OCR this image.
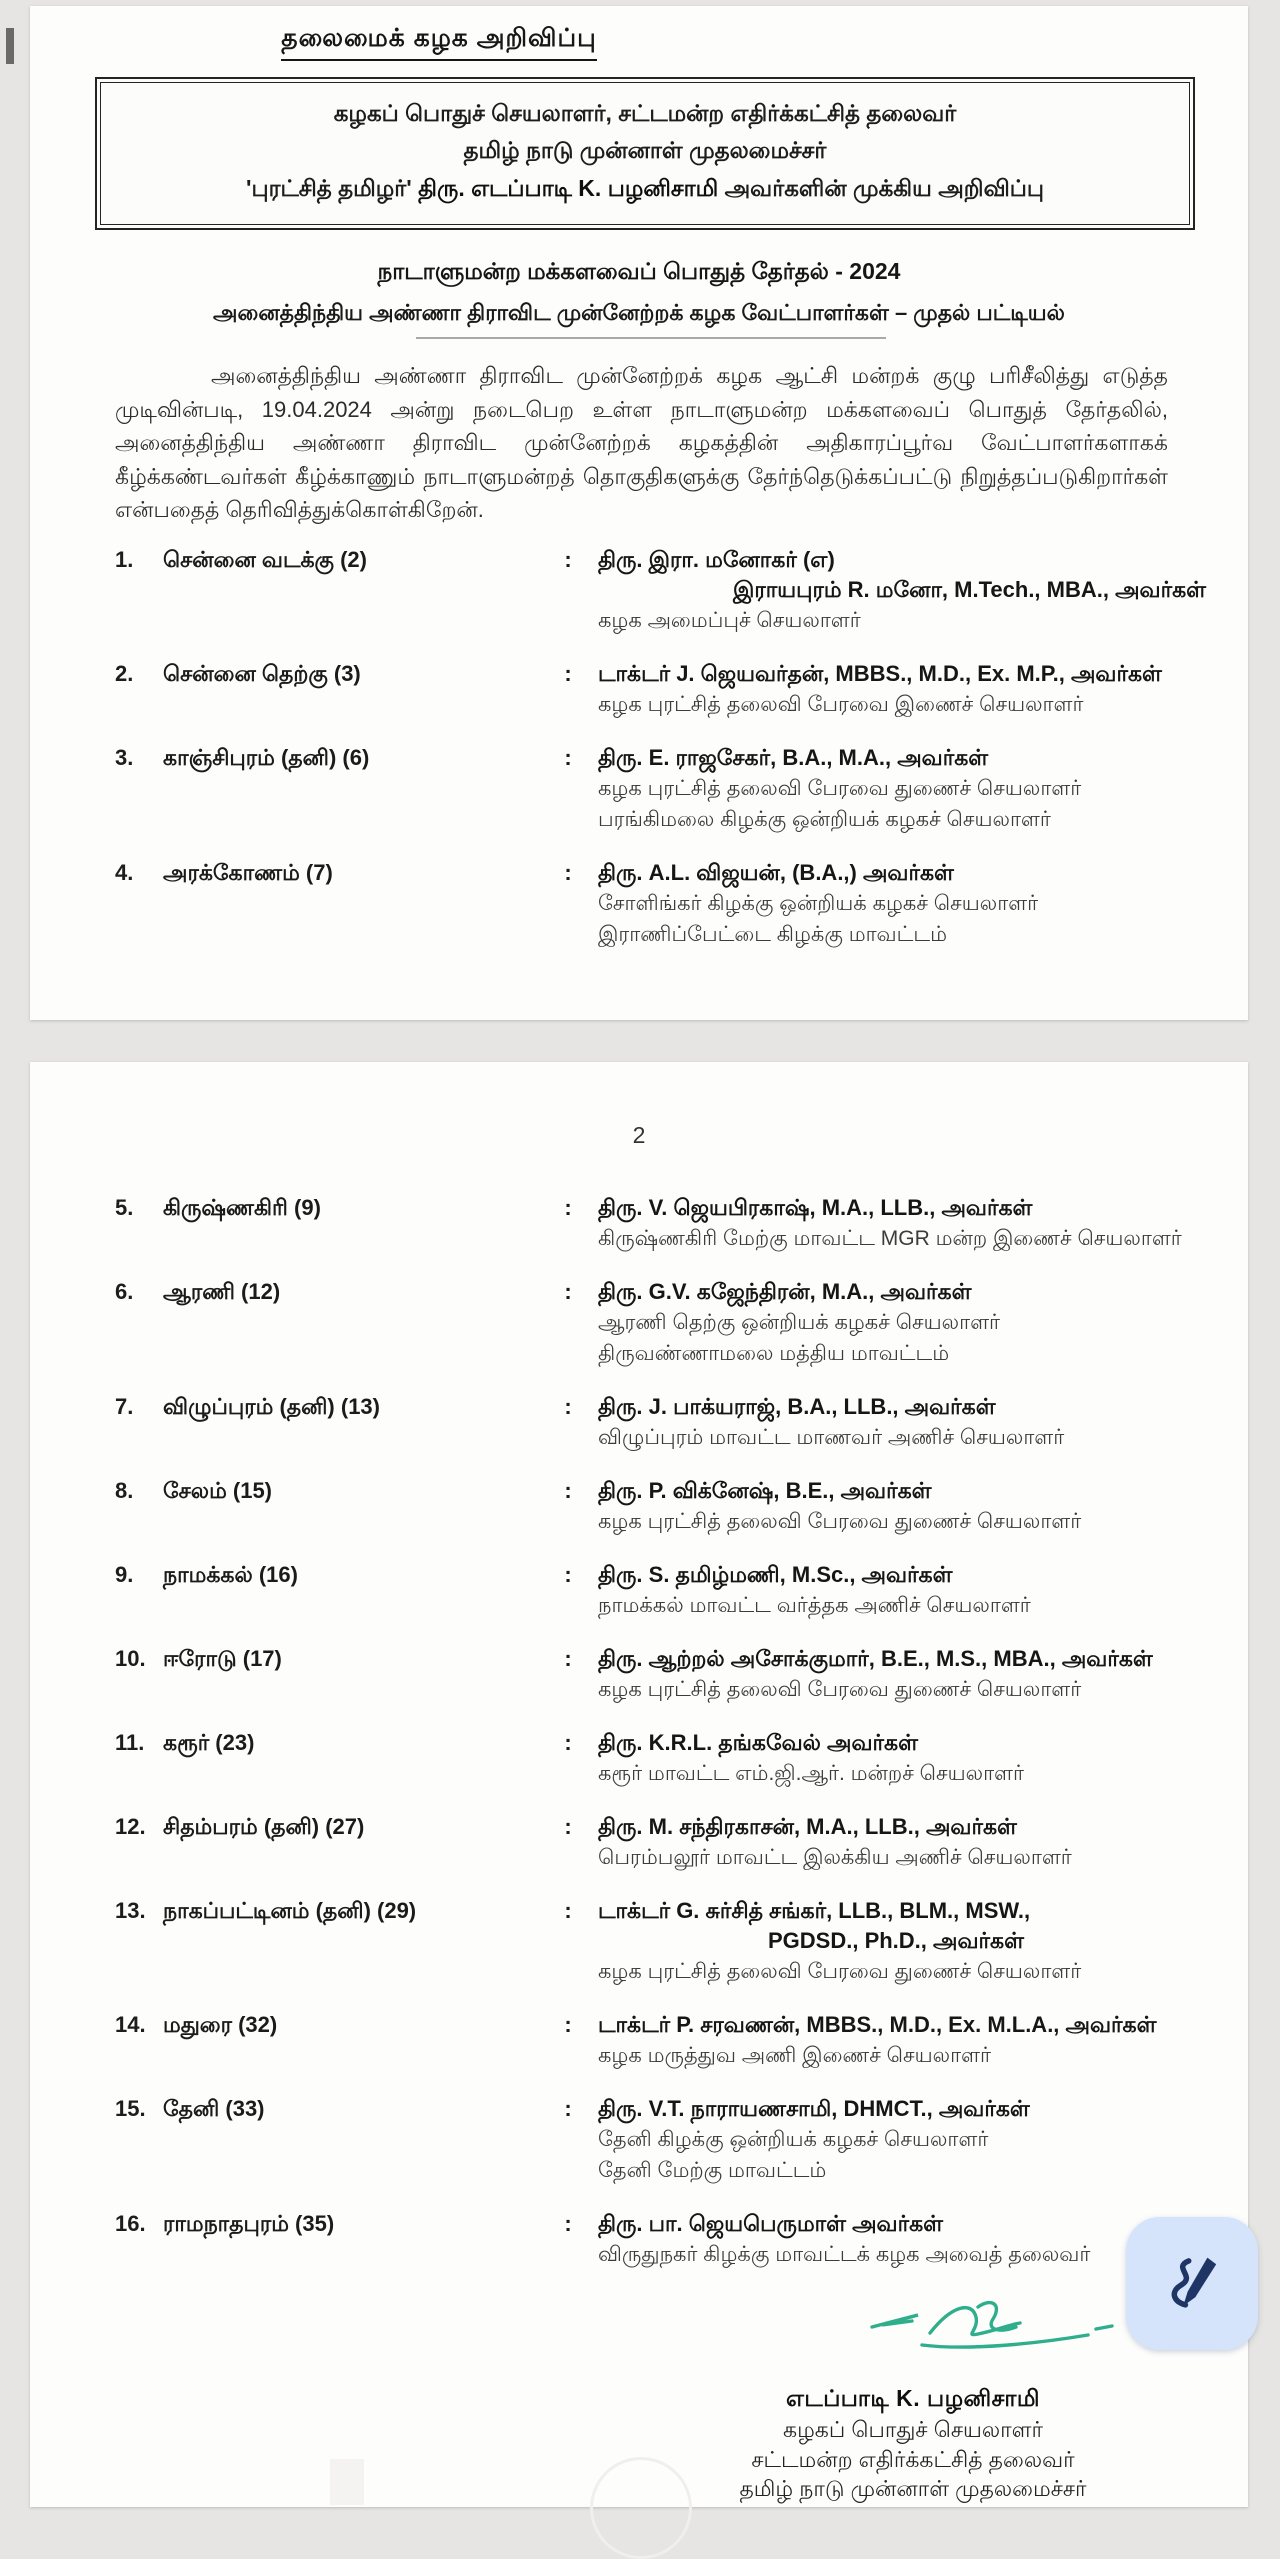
தலைமைக் கழக அறிவிப்பு
கழகப் பொதுச் செயலாளர், சட்டமன்ற எதிர்க்கட்சித் தலைவர்
தமிழ் நாடு முன்னாள் முதலமைச்சர்
'புரட்சித் தமிழர்' திரு. எடப்பாடி K. பழனிசாமி அவர்களின் முக்கிய அறிவிப்பு
நாடாளுமன்ற மக்களவைப் பொதுத் தேர்தல் - 2024
அனைத்திந்திய அண்ணா திராவிட முன்னேற்றக் கழக வேட்பாளர்கள் – முதல் பட்டியல்

அனைத்திந்திய அண்ணா திராவிட முன்னேற்றக் கழக ஆட்சி மன்றக் குழு பரிசீலித்து எடுத்த முடிவின்படி, 19.04.2024 அன்று நடைபெற உள்ள நாடாளுமன்ற மக்களவைப் பொதுத் தேர்தலில், அனைத்திந்திய அண்ணா திராவிட முன்னேற்றக் கழகத்தின் அதிகாரப்பூர்வ வேட்பாளர்களாகக் கீழ்க்கண்டவர்கள் கீழ்க்காணும் நாடாளுமன்றத் தொகுதிகளுக்கு தேர்ந்தெடுக்கப்பட்டு நிறுத்தப்படுகிறார்கள் என்பதைத் தெரிவித்துக்கொள்கிறேன்.

1.	சென்னை வடக்கு (2)	:	திரு. இரா. மனோகர் (எ)
இராயபுரம் R. மனோ, M.Tech., MBA., அவர்கள்
கழக அமைப்புச் செயலாளர்
2.	சென்னை தெற்கு (3)	:	டாக்டர் J. ஜெயவர்தன், MBBS., M.D., Ex. M.P., அவர்கள்
கழக புரட்சித் தலைவி பேரவை இணைச் செயலாளர்
3.	காஞ்சிபுரம் (தனி) (6)	:	திரு. E. ராஜசேகர், B.A., M.A., அவர்கள்
கழக புரட்சித் தலைவி பேரவை துணைச் செயலாளர்
பரங்கிமலை கிழக்கு ஒன்றியக் கழகச் செயலாளர்
4.	அரக்கோணம் (7)	:	திரு. A.L. விஜயன், (B.A.,) அவர்கள்
சோளிங்கர் கிழக்கு ஒன்றியக் கழகச் செயலாளர்
இராணிப்பேட்டை கிழக்கு மாவட்டம்
2
5.	கிருஷ்ணகிரி (9)	:	திரு. V. ஜெயபிரகாஷ், M.A., LLB., அவர்கள்
கிருஷ்ணகிரி மேற்கு மாவட்ட MGR மன்ற இணைச் செயலாளர்
6.	ஆரணி (12)	:	திரு. G.V. கஜேந்திரன், M.A., அவர்கள்
ஆரணி தெற்கு ஒன்றியக் கழகச் செயலாளர்
திருவண்ணாமலை மத்திய மாவட்டம்
7.	விழுப்புரம் (தனி) (13)	:	திரு. J. பாக்யராஜ், B.A., LLB., அவர்கள்
விழுப்புரம் மாவட்ட மாணவர் அணிச் செயலாளர்
8.	சேலம் (15)	:	திரு. P. விக்னேஷ், B.E., அவர்கள்
கழக புரட்சித் தலைவி பேரவை துணைச் செயலாளர்
9.	நாமக்கல் (16)	:	திரு. S. தமிழ்மணி, M.Sc., அவர்கள்
நாமக்கல் மாவட்ட வர்த்தக அணிச் செயலாளர்
10. ஈரோடு (17)	:	திரு. ஆற்றல் அசோக்குமார், B.E., M.S., MBA., அவர்கள்
கழக புரட்சித் தலைவி பேரவை துணைச் செயலாளர்
11. கரூர் (23)	:	திரு. K.R.L. தங்கவேல் அவர்கள்
கரூர் மாவட்ட எம்.ஜி.ஆர். மன்றச் செயலாளர்
12. சிதம்பரம் (தனி) (27)	:	திரு. M. சந்திரகாசன், M.A., LLB., அவர்கள்
பெரம்பலூர் மாவட்ட இலக்கிய அணிச் செயலாளர்
13. நாகப்பட்டினம் (தனி) (29)	:	டாக்டர் G. சுர்சித் சங்கர், LLB., BLM., MSW.,
PGDSD., Ph.D., அவர்கள்
கழக புரட்சித் தலைவி பேரவை துணைச் செயலாளர்
14. மதுரை (32)	:	டாக்டர் P. சரவணன், MBBS., M.D., Ex. M.L.A., அவர்கள்
கழக மருத்துவ அணி இணைச் செயலாளர்
15. தேனி (33)	:	திரு. V.T. நாராயணசாமி, DHMCT., அவர்கள்
தேனி கிழக்கு ஒன்றியக் கழகச் செயலாளர்
தேனி மேற்கு மாவட்டம்
16. ராமநாதபுரம் (35)	:	திரு. பா. ஜெயபெருமாள் அவர்கள்
விருதுநகர் கிழக்கு மாவட்டக் கழக அவைத் தலைவர்
எடப்பாடி K. பழனிசாமி
கழகப் பொதுச் செயலாளர்
சட்டமன்ற எதிர்க்கட்சித் தலைவர்
தமிழ் நாடு முன்னாள் முதலமைச்சர்
